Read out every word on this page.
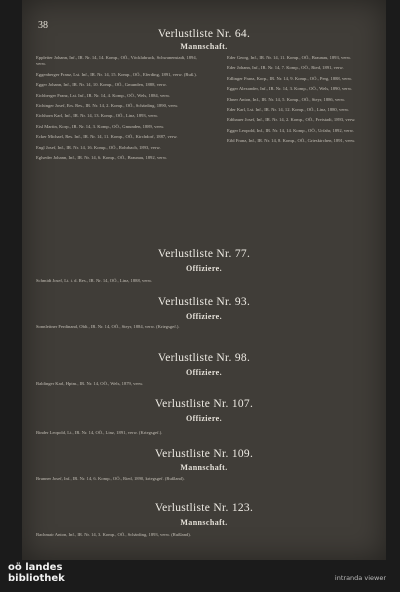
38
Verlustliste Nr. 64.
Mannschaft.
Eppleiter Johann, Inf., IR. Nr. 14, 14. Komp., OÖ., Vöcklabruck, Schwanenstadt, 1894, verw.
Eggenberger Franz, Lst. Inf., IR. Nr. 14, 15. Komp., OÖ., Eferding, 1891, verw. (Ruß.).
Egger Johann, Inf., IR. Nr. 14, 10. Komp., OÖ., Gmunden, 1888, verw.
Eichberger Franz, Lst. Inf., IR. Nr. 14, 4. Komp., OÖ., Wels, 1884, verw.
Eichinger Josef, Ers. Res., IR. Nr. 14, 2. Komp., OÖ., Schärding, 1890, verw.
Eichhorn Karl, Inf., IR. Nr. 14, 13. Komp., OÖ., Linz, 1893, verw.
Eisl Martin, Korp., IR. Nr. 14, 3. Komp., OÖ., Gmunden, 1889, verw.
Ecker Michael, Res. Inf., IR. Nr. 14, 11. Komp., OÖ., Kirchdorf, 1887, verw.
Engl Josef, Inf., IR. Nr. 14, 16. Komp., OÖ., Rohrbach, 1893, verw.
Eglseder Johann, Inf., IR. Nr. 14, 6. Komp., OÖ., Braunau, 1892, verw.
Eder Georg, Inf., IR. Nr. 14, 11. Komp., OÖ., Braunau, 1893, verw.
Eder Johann, Inf., IR. Nr. 14, 7. Komp., OÖ., Ried, 1891, verw.
Edlinger Franz, Korp., IR. Nr. 14, 9. Komp., OÖ., Perg, 1888, verw.
Egger Alexander, Inf., IR. Nr. 14, 3. Komp., OÖ., Wels, 1890, verw.
Ebner Anton, Inf., IR. Nr. 14, 5. Komp., OÖ., Steyr, 1886, verw.
Eder Karl, Lst. Inf., IR. Nr. 14, 12. Komp., OÖ., Linz, 1880, verw.
Edtbauer Josef, Inf., IR. Nr. 14, 2. Komp., OÖ., Freistadt, 1893, verw.
Egger Leopold, Inf., IR. Nr. 14, 14. Komp., OÖ., Urfahr, 1892, verw.
Eibl Franz, Inf., IR. Nr. 14, 8. Komp., OÖ., Grieskirchen, 1891, verw.
Verlustliste Nr. 77.
Offiziere.
Schmidt Josef, Lt. i. d. Res., IR. Nr. 14, OÖ., Linz, 1888, verw.
Verlustliste Nr. 93.
Offiziere.
Sonnleitner Ferdinand, Oblt., IR. Nr. 14, OÖ., Steyr, 1884, verw. (Kriegsgef.).
Verlustliste Nr. 98.
Offiziere.
Baldinger Karl, Hptm., IR. Nr. 14, OÖ., Wels, 1879, verw.
Verlustliste Nr. 107.
Offiziere.
Binder Leopold, Lt., IR. Nr. 14, OÖ., Linz, 1891, verw. (Kriegsgef.).
Verlustliste Nr. 109.
Mannschaft.
Brunner Josef, Inf., IR. Nr. 14, 6. Komp., OÖ., Ried, 1890, kriegsgef. (Rußland).
Verlustliste Nr. 123.
Mannschaft.
Bachmair Anton, Inf., IR. Nr. 14, 3. Komp., OÖ., Schärding, 1893, verw. (Rußland).
oö landes
bibliothek	intranda viewer
